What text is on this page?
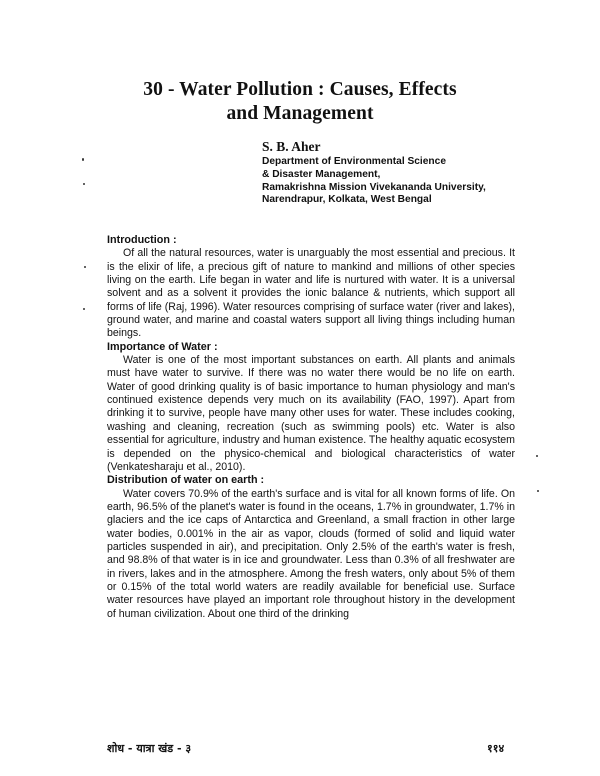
30 - Water Pollution : Causes, Effects
and Management
S. B. Aher
Department of Environmental Science
& Disaster Management,
Ramakrishna Mission Vivekananda University,
Narendrapur, Kolkata, West Bengal
Introduction :

Of all the natural resources, water is unarguably the most essential and precious. It is the elixir of life, a precious gift of nature to mankind and millions of other species living on the earth. Life began in water and life is nurtured with water. It is a universal solvent and as a solvent it provides the ionic balance & nutrients, which support all forms of life (Raj, 1996). Water resources comprising of surface water (river and lakes), ground water, and marine and coastal waters support all living things including human beings.

Importance of Water :

Water is one of the most important substances on earth. All plants and animals must have water to survive. If there was no water there would be no life on earth. Water of good drinking quality is of basic importance to human physiology and man's continued existence depends very much on its availability (FAO, 1997). Apart from drinking it to survive, people have many other uses for water. These includes cooking, washing and cleaning, recreation (such as swimming pools) etc. Water is also essential for agriculture, industry and human existence. The healthy aquatic ecosystem is depended on the physico-chemical and biological characteristics of water (Venkatesharaju et al., 2010).

Distribution of water on earth :

Water covers 70.9% of the earth's surface and is vital for all known forms of life. On earth, 96.5% of the planet's water is found in the oceans, 1.7% in groundwater, 1.7% in glaciers and the ice caps of Antarctica and Greenland, a small fraction in other large water bodies, 0.001% in the air as vapor, clouds (formed of solid and liquid water particles suspended in air), and precipitation. Only 2.5% of the earth's water is fresh, and 98.8% of that water is in ice and groundwater. Less than 0.3% of all freshwater are in rivers, lakes and in the atmosphere. Among the fresh waters, only about 5% of them or 0.15% of the total world waters are readily available for beneficial use. Surface water resources have played an important role throughout history in the development of human civilization. About one third of the drinking

शोध - यात्रा खंड - ३	११४
